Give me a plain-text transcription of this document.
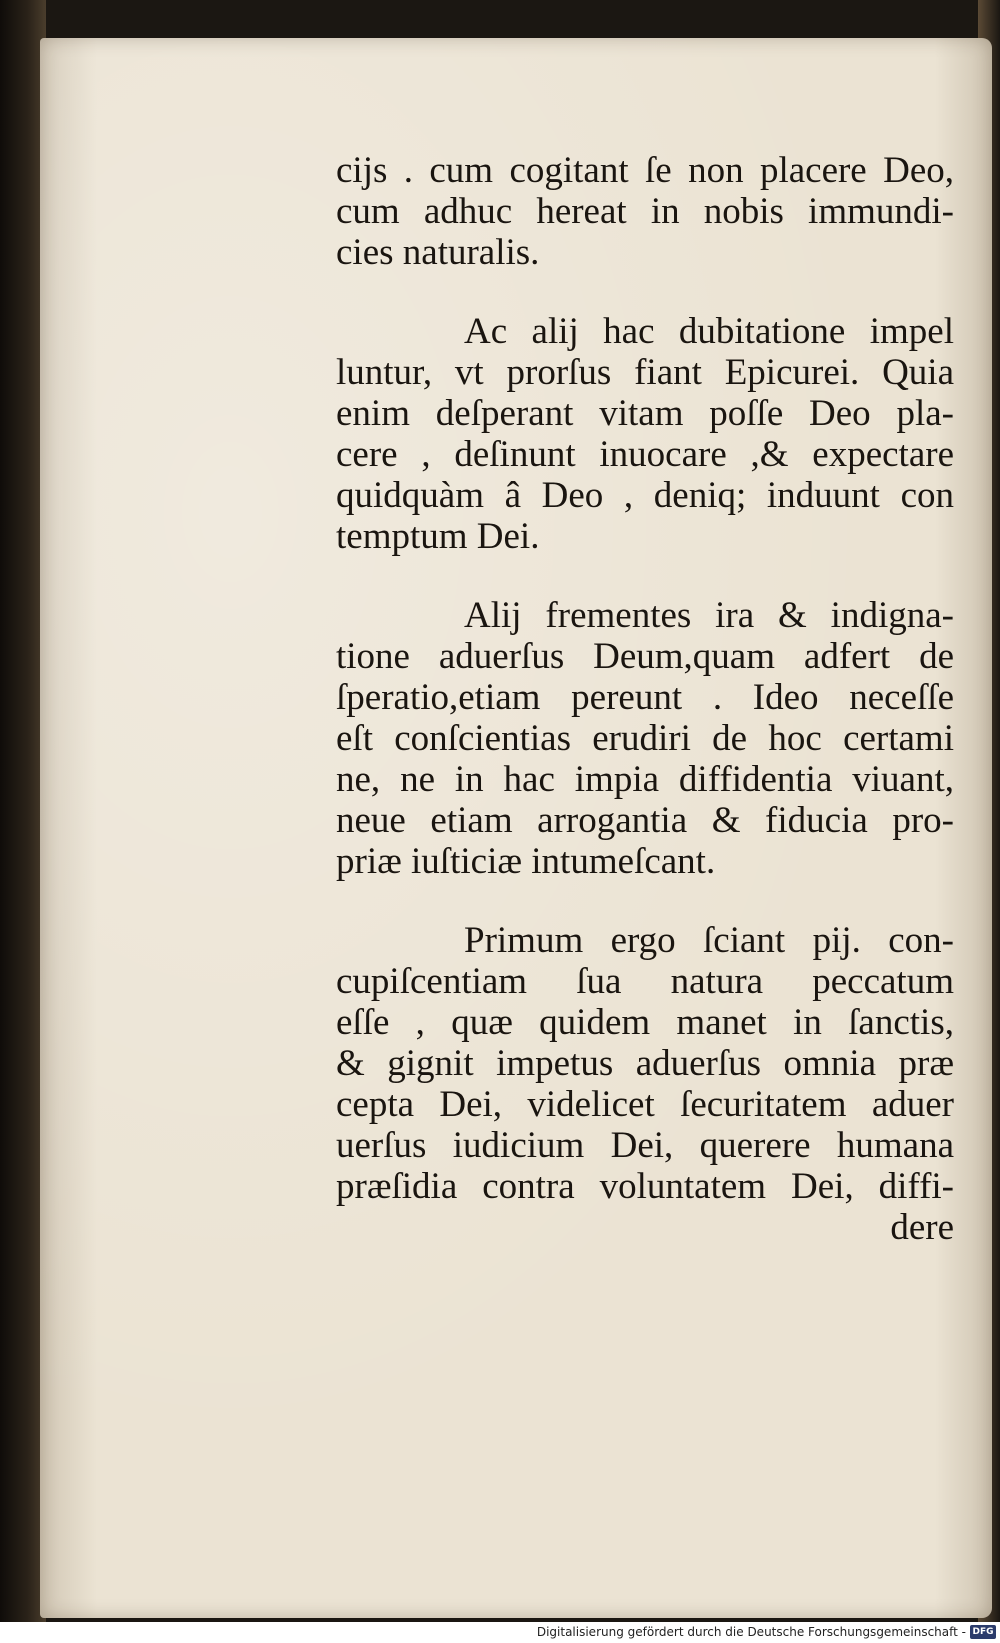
cijs . cum cogitant ſe non placere Deo,
cum adhuc hereat in nobis immundi-
cies naturalis.
Ac alij hac dubitatione impel
luntur, vt prorſus fiant Epicurei. Quia
enim deſperant vitam poſſe Deo pla-
cere , deſinunt inuocare ,& expectare
quidquàm â Deo , deniq; induunt con
temptum Dei.
Alij frementes ira & indigna-
tione aduerſus Deum,quam adfert de
ſperatio,etiam pereunt . Ideo neceſſe
eſt conſcientias erudiri de hoc certami
ne, ne in hac impia diffidentia viuant,
neue etiam arrogantia & fiducia pro-
priæ iuſticiæ intumeſcant.
Primum ergo ſciant pij. con-
cupiſcentiam ſua natura peccatum
eſſe , quæ quidem manet in ſanctis,
& gignit impetus aduerſus omnia præ
cepta Dei, videlicet ſecuritatem aduer
uerſus iudicium Dei, querere humana
præſidia contra voluntatem Dei, diffi-
dere
Digitalisierung gefördert durch die Deutsche Forschungsgemeinschaft - DFG
